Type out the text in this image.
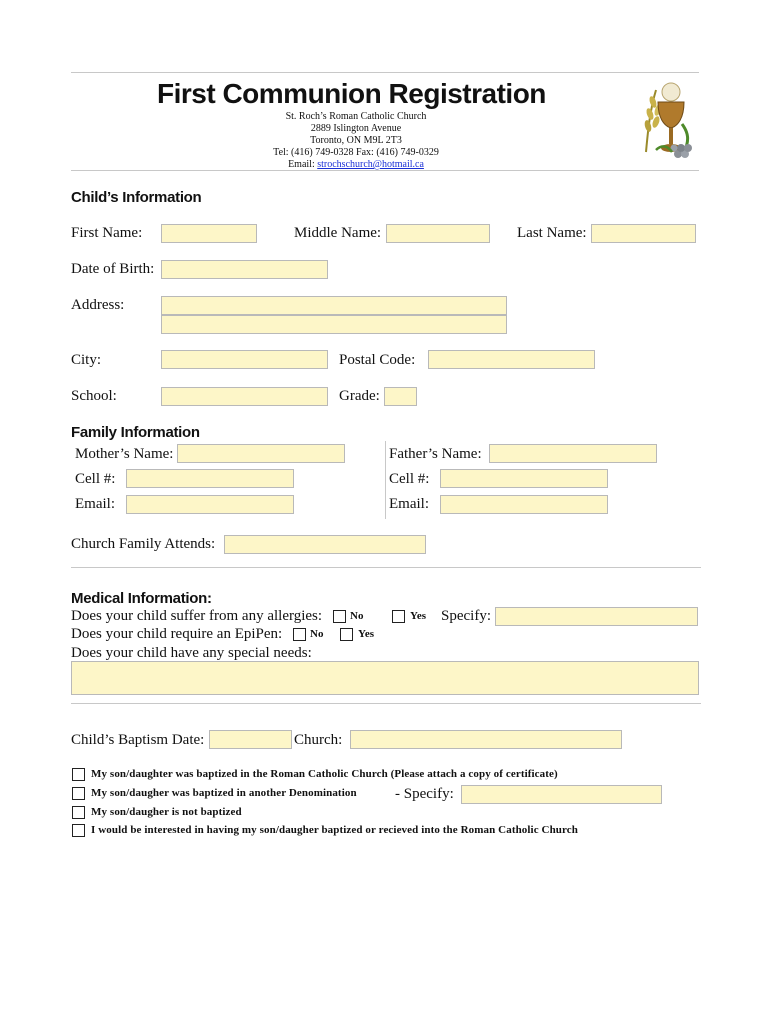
First Communion Registration
St. Roch’s Roman Catholic Church
2889 Islington Avenue
Toronto, ON M9L 2T3
Tel: (416) 749-0328 Fax: (416) 749-0329
Email: strochschurch@hotmail.ca
Child’s Information
First Name:	Middle Name:	Last Name:
Date of Birth:
Address:
City:	Postal Code:
School:	Grade:
Family Information
Mother’s Name:	Father’s Name:
Cell #:	Cell #:
Email:	Email:
Church Family Attends:
Medical Information:
Does your child suffer from any allergies:	No	Yes Specify:
Does your child require an EpiPen:	No	Yes
Does your child have any special needs:
Child’s Baptism Date:	Church:
My son/daughter was baptized in the Roman Catholic Church (Please attach a copy of certificate)
My son/daugher was baptized in another Denomination	- Specify:
My son/daugher is not baptized
I would be interested in having my son/daugher baptized or recieved into the Roman Catholic Church
